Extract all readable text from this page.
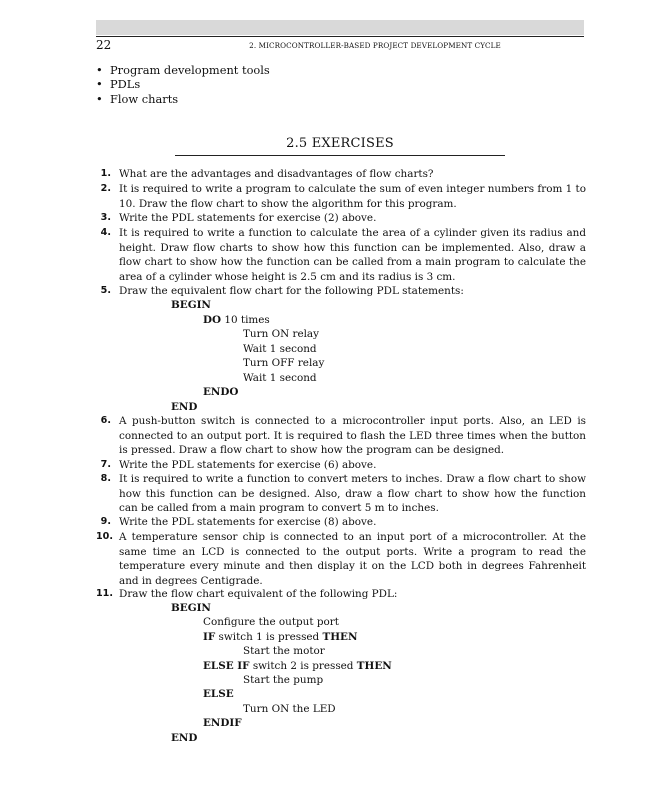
22	2. MICROCONTROLLER-BASED PROJECT DEVELOPMENT CYCLE
• Program development tools
• PDLs
• Flow charts
2.5 EXERCISES
1. What are the advantages and disadvantages of flow charts?
2. It is required to write a program to calculate the sum of even integer numbers from 1 to 10. Draw the flow chart to show the algorithm for this program.
3. Write the PDL statements for exercise (2) above.
4. It is required to write a function to calculate the area of a cylinder given its radius and height. Draw flow charts to show how this function can be implemented. Also, draw a flow chart to show how the function can be called from a main program to calculate the area of a cylinder whose height is 2.5 cm and its radius is 3 cm.
5. Draw the equivalent flow chart for the following PDL statements:
BEGIN
DO 10 times
Turn ON relay
Wait 1 second
Turn OFF relay
Wait 1 second
ENDO
END
6. A push-button switch is connected to a microcontroller input ports. Also, an LED is connected to an output port. It is required to flash the LED three times when the button is pressed. Draw a flow chart to show how the program can be designed.
7. Write the PDL statements for exercise (6) above.
8. It is required to write a function to convert meters to inches. Draw a flow chart to show how this function can be designed. Also, draw a flow chart to show how the function can be called from a main program to convert 5 m to inches.
9. Write the PDL statements for exercise (8) above.
10. A temperature sensor chip is connected to an input port of a microcontroller. At the same time an LCD is connected to the output ports. Write a program to read the temperature every minute and then display it on the LCD both in degrees Fahrenheit and in degrees Centigrade.
11. Draw the flow chart equivalent of the following PDL:
BEGIN
Configure the output port
IF switch 1 is pressed THEN
Start the motor
ELSE IF switch 2 is pressed THEN
Start the pump
ELSE
Turn ON the LED
ENDIF
END
